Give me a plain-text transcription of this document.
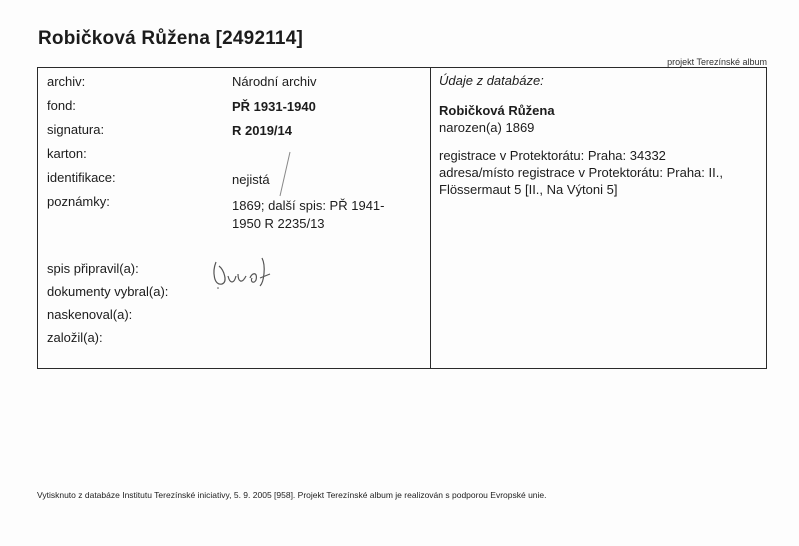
Robičková Růžena [2492114]
projekt Terezínské album
archiv:	Národní archiv
fond:	PŘ 1931-1940
signatura:	R 2019/14
karton:
identifikace:	nejistá
poznámky:	1869; další spis: PŘ 1941-
1950 R 2235/13
spis připravil(a):
dokumenty vybral(a):
naskenoval(a):
založil(a):
Údaje z databáze:
Robičková Růžena
narozen(a) 1869
registrace v Protektorátu: Praha: 34332
adresa/místo registrace v Protektorátu: Praha: II.,
Flössermaut 5 [II., Na Výtoni 5]
Vytisknuto z databáze Institutu Terezínské iniciativy, 5. 9. 2005 [958]. Projekt Terezínské album je realizován s podporou Evropské unie.
